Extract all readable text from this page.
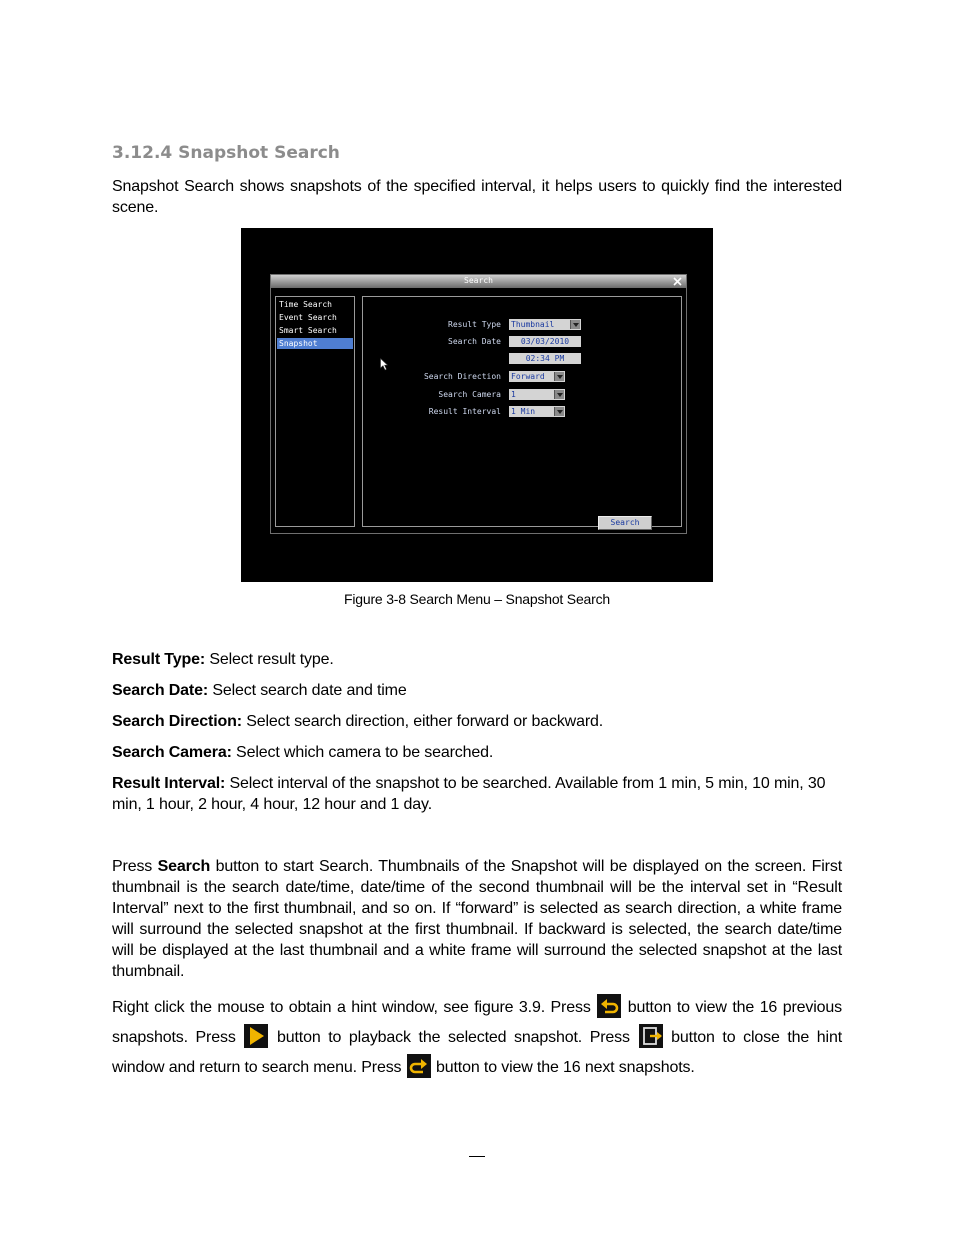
3.12.4 Snapshot Search

Snapshot Search shows snapshots of the specified interval, it helps users to quickly find the interested scene.

Search
Time Search
Event Search
Smart Search
Snapshot
Result Type Thumbnail
Search Date	03/03/2010
02:34 PM
Search Direction Forward
Search Camera 1
Result Interval 1 Min
Search

Figure 3-8 Search Menu – Snapshot Search

Result Type: Select result type.

Search Date: Select search date and time

Search Direction: Select search direction, either forward or backward.

Search Camera: Select which camera to be searched.

Result Interval: Select interval of the snapshot to be searched. Available from 1 min, 5 min, 10 min, 30 min, 1 hour, 2 hour, 4 hour, 12 hour and 1 day.

Press Search button to start Search. Thumbnails of the Snapshot will be displayed on the screen. First thumbnail is the search date/time, date/time of the second thumbnail will be the interval set in “Result Interval” next to the first thumbnail, and so on. If “forward” is selected as search direction, a white frame will surround the selected snapshot at the first thumbnail. If backward is selected, the search date/time will be displayed at the last thumbnail and a white frame will surround the selected snapshot at the last thumbnail.

Right click the mouse to obtain a hint window, see figure 3.9. Press  button to view the 16 previous snapshots. Press  button to playback the selected snapshot. Press  button to close the hint window and return to search menu. Press  button to view the 16 next snapshots.
